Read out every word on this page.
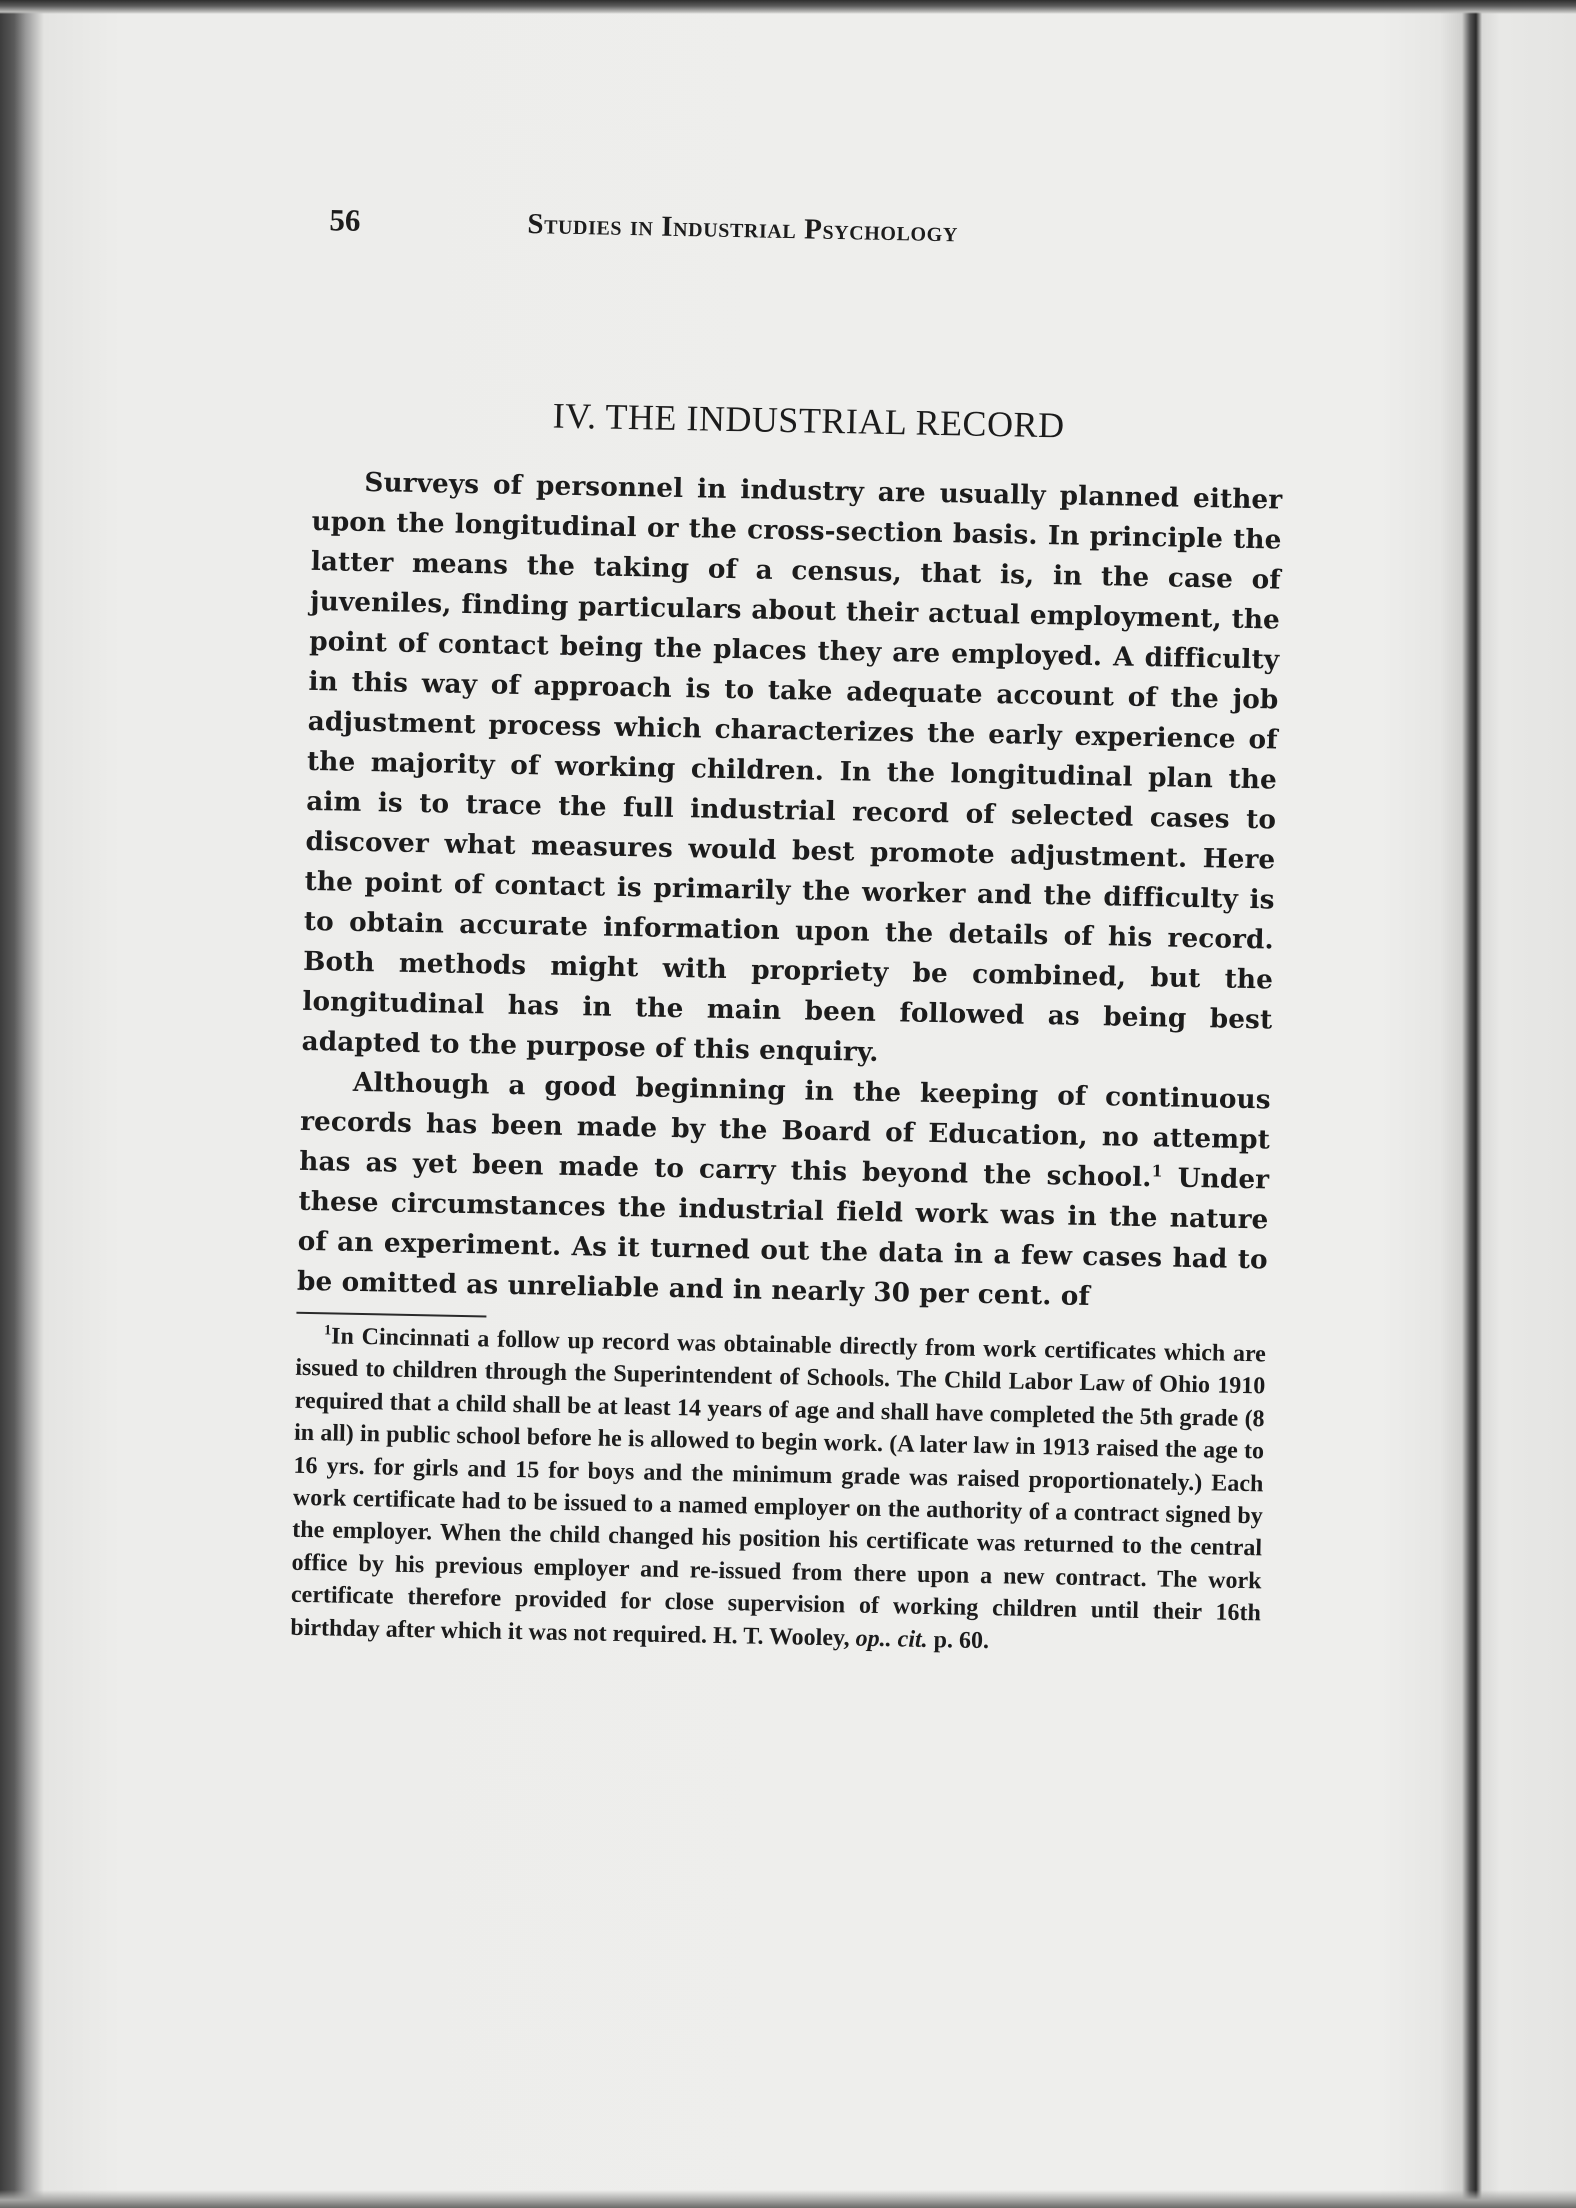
56	Studies in Industrial Psychology
IV. THE INDUSTRIAL RECORD

Surveys of personnel in industry are usually planned either upon the longitudinal or the cross-section basis. In principle the latter means the taking of a census, that is, in the case of juveniles, finding particulars about their actual employment, the point of contact being the places they are employed. A difficulty in this way of approach is to take adequate account of the job adjustment process which characterizes the early experience of the majority of working children. In the longitudinal plan the aim is to trace the full industrial record of selected cases to discover what measures would best promote adjustment. Here the point of contact is primarily the worker and the difficulty is to obtain accurate information upon the details of his record. Both methods might with propriety be combined, but the longitudinal has in the main been followed as being best adapted to the purpose of this enquiry.

Although a good beginning in the keeping of continuous records has been made by the Board of Education, no attempt has as yet been made to carry this beyond the school.$^1$ Under these circumstances the industrial field work was in the nature of an experiment. As it turned out the data in a few cases had to be omitted as unreliable and in nearly 30 per cent. of

$^1$In Cincinnati a follow up record was obtainable directly from work certificates which are issued to children through the Superintendent of Schools. The Child Labor Law of Ohio 1910 required that a child shall be at least 14 years of age and shall have completed the 5th grade (8 in all) in public school before he is allowed to begin work. (A later law in 1913 raised the age to 16 yrs. for girls and 15 for boys and the minimum grade was raised proportionately.) Each work certificate had to be issued to a named employer on the authority of a contract signed by the employer. When the child changed his position his certificate was returned to the central office by his previous employer and re-issued from there upon a new contract. The work certificate therefore provided for close supervision of working children until their 16th birthday after which it was not required. H. T. Wooley, op.. cit. p. 60.
